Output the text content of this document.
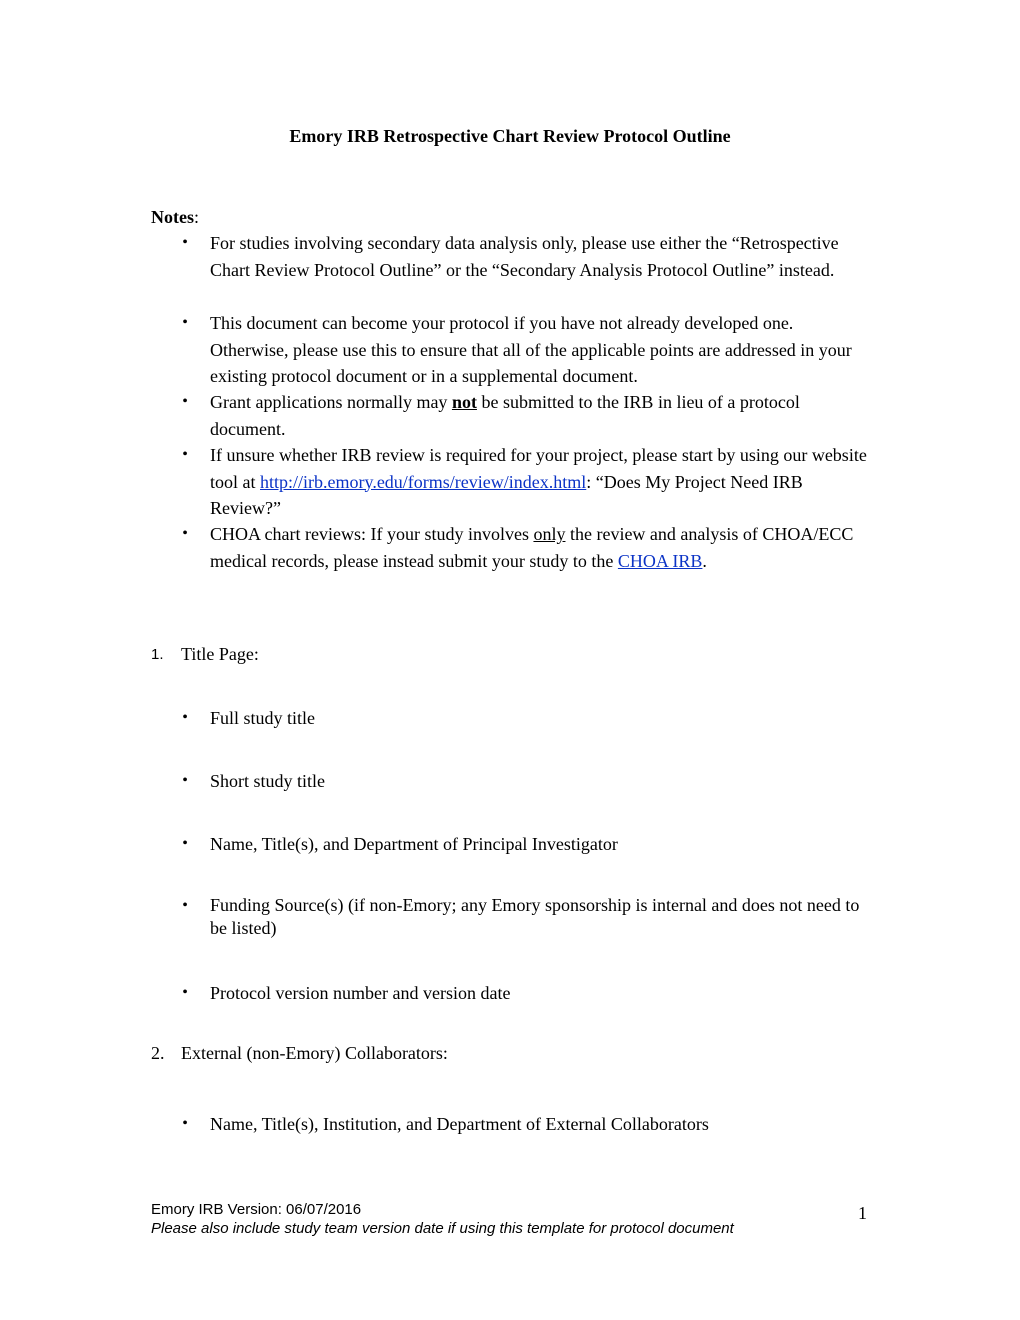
Emory IRB Retrospective Chart Review Protocol Outline
Notes:
• For studies involving secondary data analysis only, please use either the “Retrospective Chart Review Protocol Outline” or the “Secondary Analysis Protocol Outline” instead.
• This document can become your protocol if you have not already developed one. Otherwise, please use this to ensure that all of the applicable points are addressed in your existing protocol document or in a supplemental document.
• Grant applications normally may not be submitted to the IRB in lieu of a protocol document.
• If unsure whether IRB review is required for your project, please start by using our website tool at http://irb.emory.edu/forms/review/index.html: “Does My Project Need IRB Review?”
• CHOA chart reviews: If your study involves only the review and analysis of CHOA/ECC medical records, please instead submit your study to the CHOA IRB.
1. Title Page:
• Full study title
• Short study title
• Name, Title(s), and Department of Principal Investigator
• Funding Source(s) (if non-Emory; any Emory sponsorship is internal and does not need to be listed)
• Protocol version number and version date
2. External (non-Emory) Collaborators:
• Name, Title(s), Institution, and Department of External Collaborators
Emory IRB Version: 06/07/2016
Please also include study team version date if using this template for protocol document
1
